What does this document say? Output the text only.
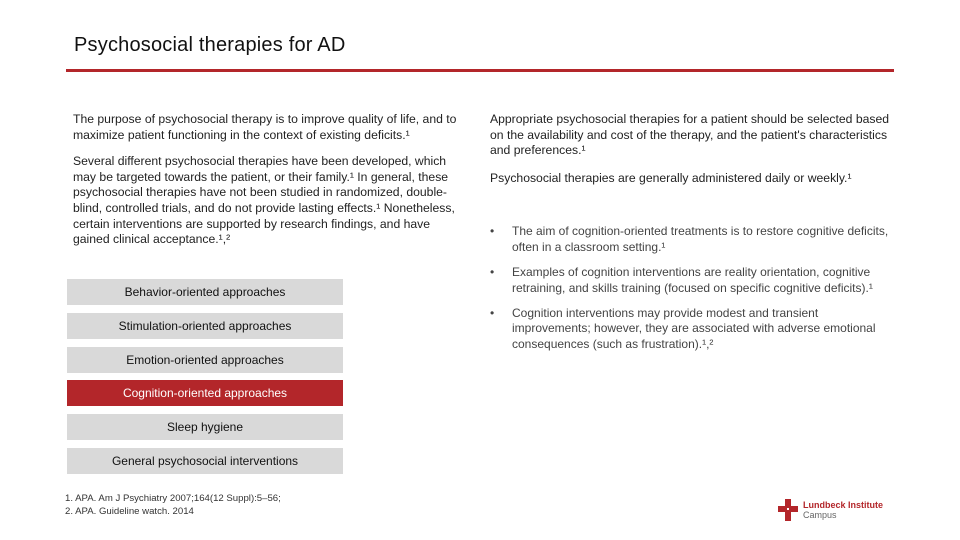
Psychosocial therapies for AD

The purpose of psychosocial therapy is to improve quality of life, and to maximize patient functioning in the context of existing deficits.¹

Several different psychosocial therapies have been developed, which may be targeted towards the patient, or their family.¹ In general, these psychosocial therapies have not been studied in randomized, double-blind, controlled trials, and do not provide lasting effects.¹ Nonetheless, certain interventions are supported by research findings, and have gained clinical acceptance.¹,²

Behavior-oriented approaches
Stimulation-oriented approaches
Emotion-oriented approaches
Cognition-oriented approaches
Sleep hygiene
General psychosocial interventions

Appropriate psychosocial therapies for a patient should be selected based on the availability and cost of the therapy, and the patient's characteristics and preferences.¹

Psychosocial therapies are generally administered daily or weekly.¹

• The aim of cognition-oriented treatments is to restore cognitive deficits, often in a classroom setting.¹
• Examples of cognition interventions are reality orientation, cognitive retraining, and skills training (focused on specific cognitive deficits).¹
• Cognition interventions may provide modest and transient improvements; however, they are associated with adverse emotional consequences (such as frustration).¹,²
1. APA. Am J Psychiatry 2007;164(12 Suppl):5–56;
2. APA. Guideline watch. 2014
Lundbeck Institute
Campus
